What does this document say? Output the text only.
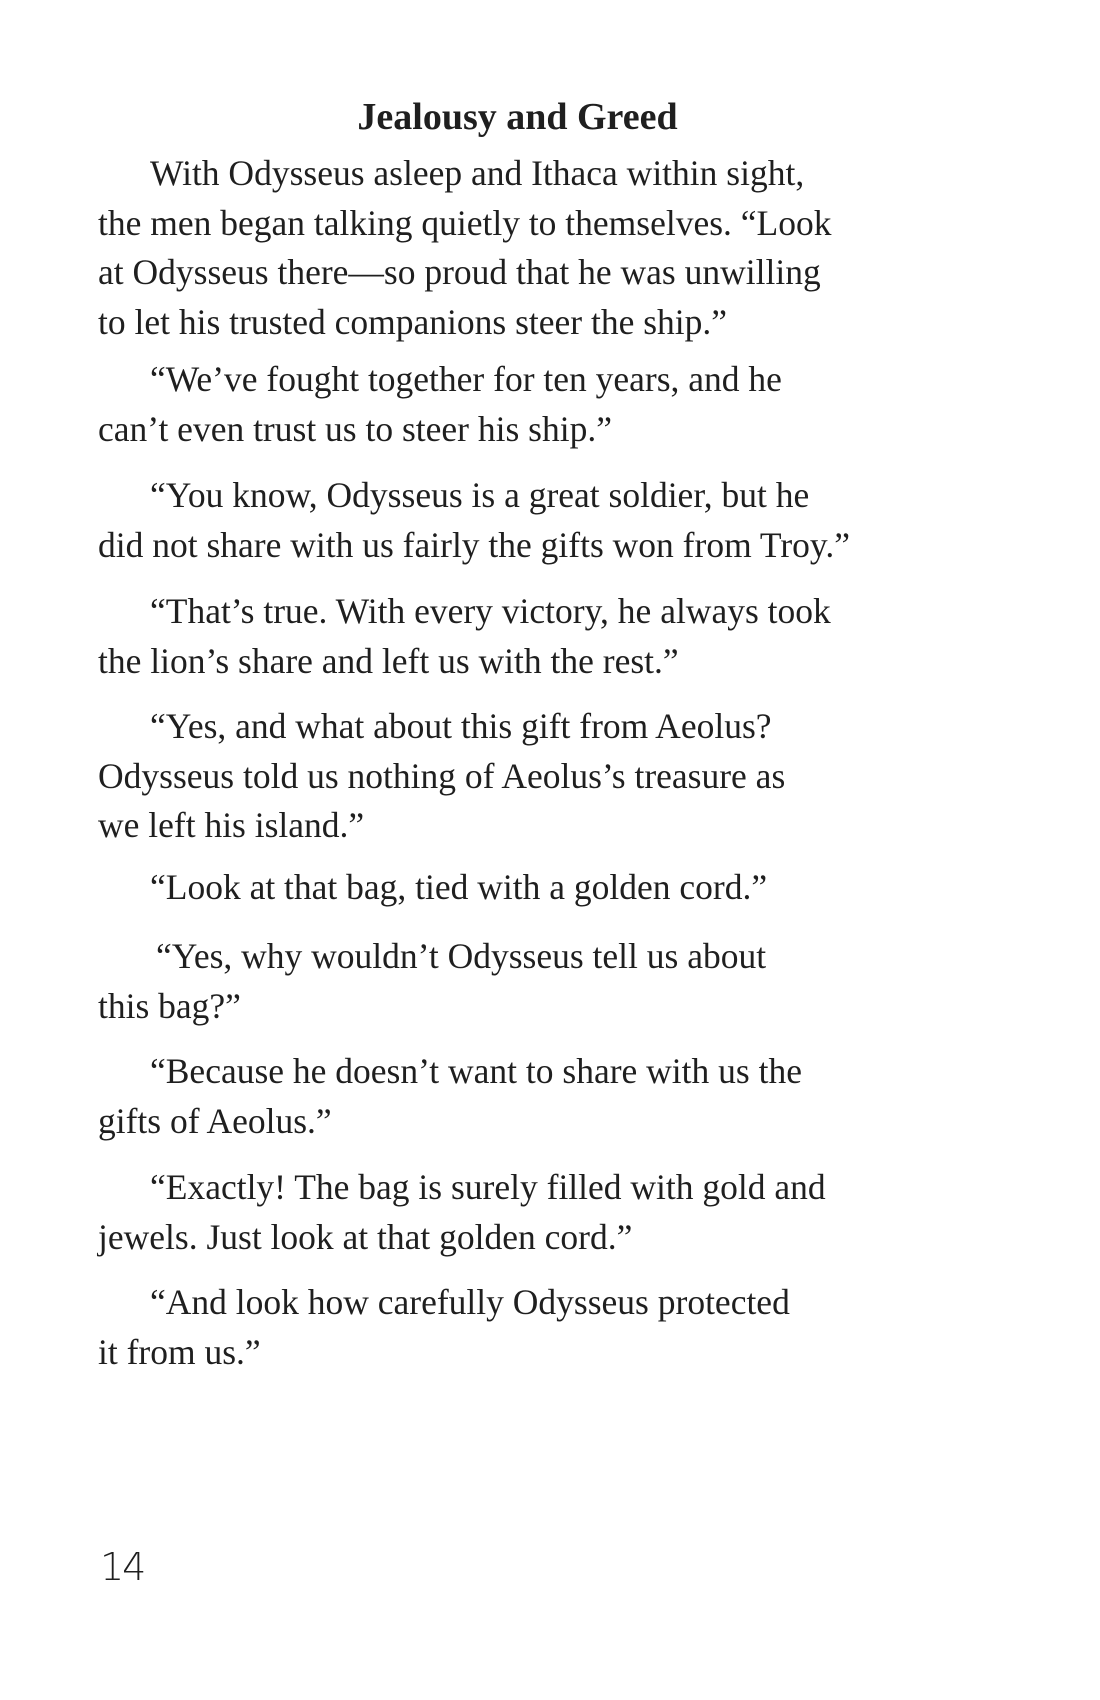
Jealousy and Greed

With Odysseus asleep and Ithaca within sight,
the men began talking quietly to themselves. “Look
at Odysseus there—so proud that he was unwilling
to let his trusted companions steer the ship.”

“We’ve fought together for ten years, and he
can’t even trust us to steer his ship.”

“You know, Odysseus is a great soldier, but he
did not share with us fairly the gifts won from Troy.”

“That’s true. With every victory, he always took
the lion’s share and left us with the rest.”

“Yes, and what about this gift from Aeolus?
Odysseus told us nothing of Aeolus’s treasure as
we left his island.”

“Look at that bag, tied with a golden cord.”

“Yes, why wouldn’t Odysseus tell us about
this bag?”

“Because he doesn’t want to share with us the
gifts of Aeolus.”

“Exactly! The bag is surely filled with gold and
jewels. Just look at that golden cord.”

“And look how carefully Odysseus protected
it from us.”

14
